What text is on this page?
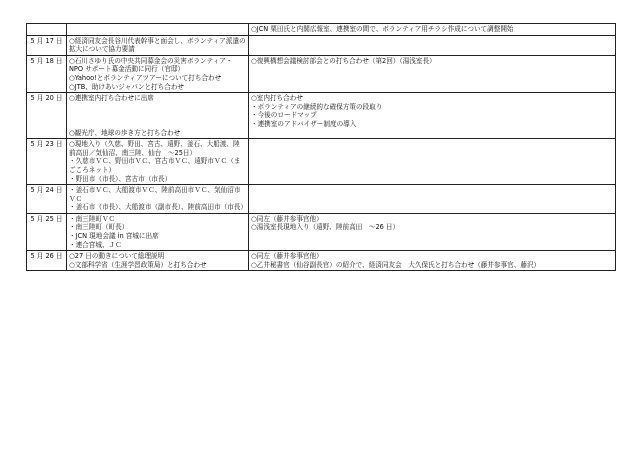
		○JCN 栗田氏と内閣広報室、連携室の間で、ボランティア用チラシ作成について調整開始

5 月 17 日	○経済同友会長谷川代表幹事と面会し、ボランティア派遣の拡大について協力要請	

5 月 18 日	○石川さゆり氏の中央共同募金会の災害ボランティア・NPO サポート募金活動に同行（官邸）
○Yahoo!とボランティアツアーについて打ち合わせ
○JTB、助けあいジャパンと打ち合わせ	○復興構想会議検討部会との打ち合わせ（第2回）（湯浅室長）

5 月 20 日	○連携室内打ち合わせに出席
○観光庁、地球の歩き方と打ち合わせ	○室内打ち合わせ
・ボランティアの継続的な確保方策の段取り
・今後のロードマップ
・連携室のアドバイザー制度の導入

5 月 23 日	○現地入り（久慈、野田、宮古、遠野、釜石、大船渡、陸前高田／気仙沼、南三陸、仙台　～25日）
・久慈市ＶＣ、野田市ＶＣ、宮古市ＶＣ、遠野市ＶＣ（まごころネット）
・野田市（市長）、宮古市（市長）	

5 月 24 日	・釜石市ＶＣ、大船渡市ＶＣ、陸前高田市ＶＣ、気仙沼市ＶＣ
・釜石市（市長）、大船渡市（副市長）、陸前高田市（市長）	

5 月 25 日	・南三陸町ＶＣ
・南三陸町（町長）
・JCN 現地会議 in 宮城に出席
・連合宮城、ＪＣ	○同左（藤井参事官他）
○湯浅室長現地入り（遠野、陸前高田　～26 日）

5 月 26 日	○27 日の動きについて総理説明
○文部科学省（生涯学習政策局）と打ち合わせ	○同左（藤井参事官他）
○乙井秘書官（仙谷副長官）の紹介で、経済同友会　大久保氏と打ち合わせ（藤井参事官、藤沢）
